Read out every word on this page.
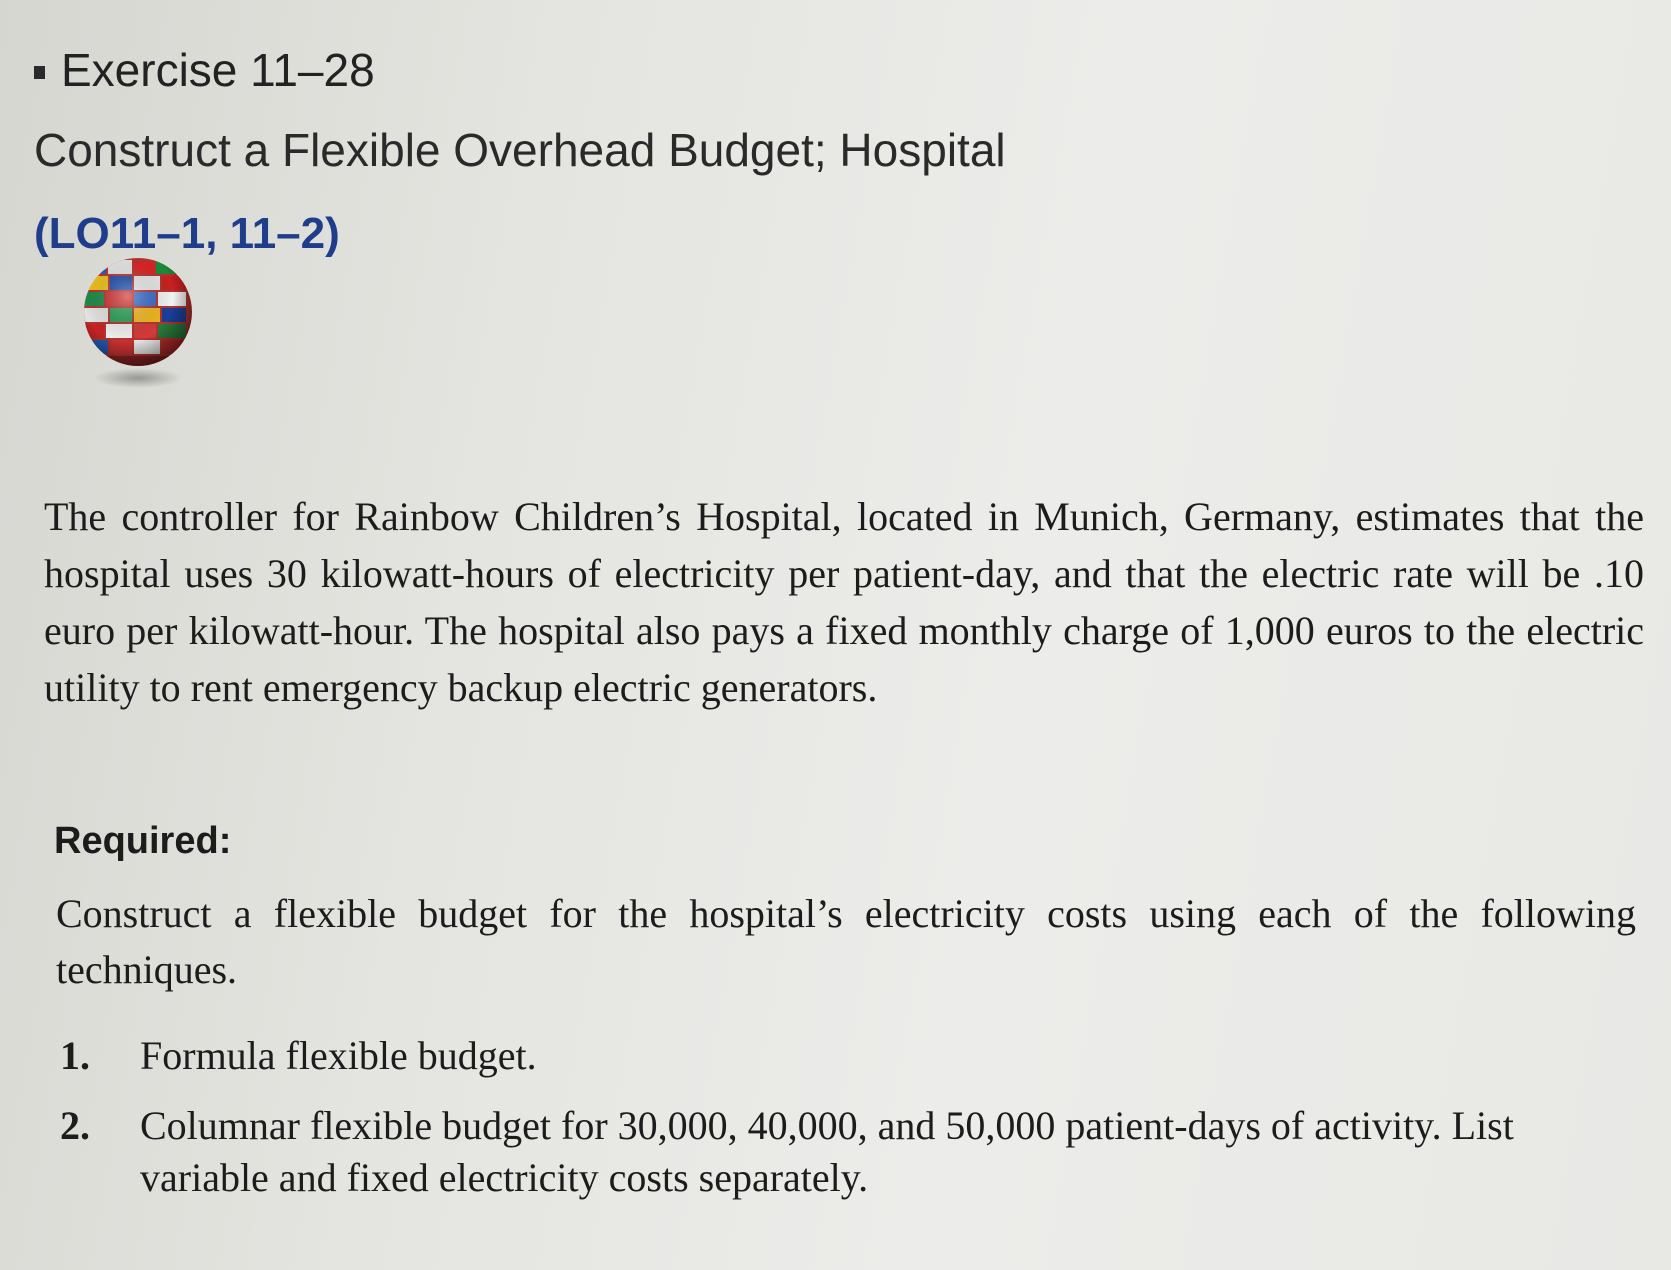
Exercise 11–28
Construct a Flexible Overhead Budget; Hospital
(LO11–1, 11–2)
The controller for Rainbow Children’s Hospital, located in Munich, Germany, estimates that the hospital uses 30 kilowatt-hours of electricity per patient-day, and that the electric rate will be .10 euro per kilowatt-hour. The hospital also pays a fixed monthly charge of 1,000 euros to the electric utility to rent emergency backup electric generators.
Required:
Construct a flexible budget for the hospital’s electricity costs using each of the following techniques.
1.	Formula flexible budget.
2.	Columnar flexible budget for 30,000, 40,000, and 50,000 patient-days of activity. List variable and fixed electricity costs separately.
